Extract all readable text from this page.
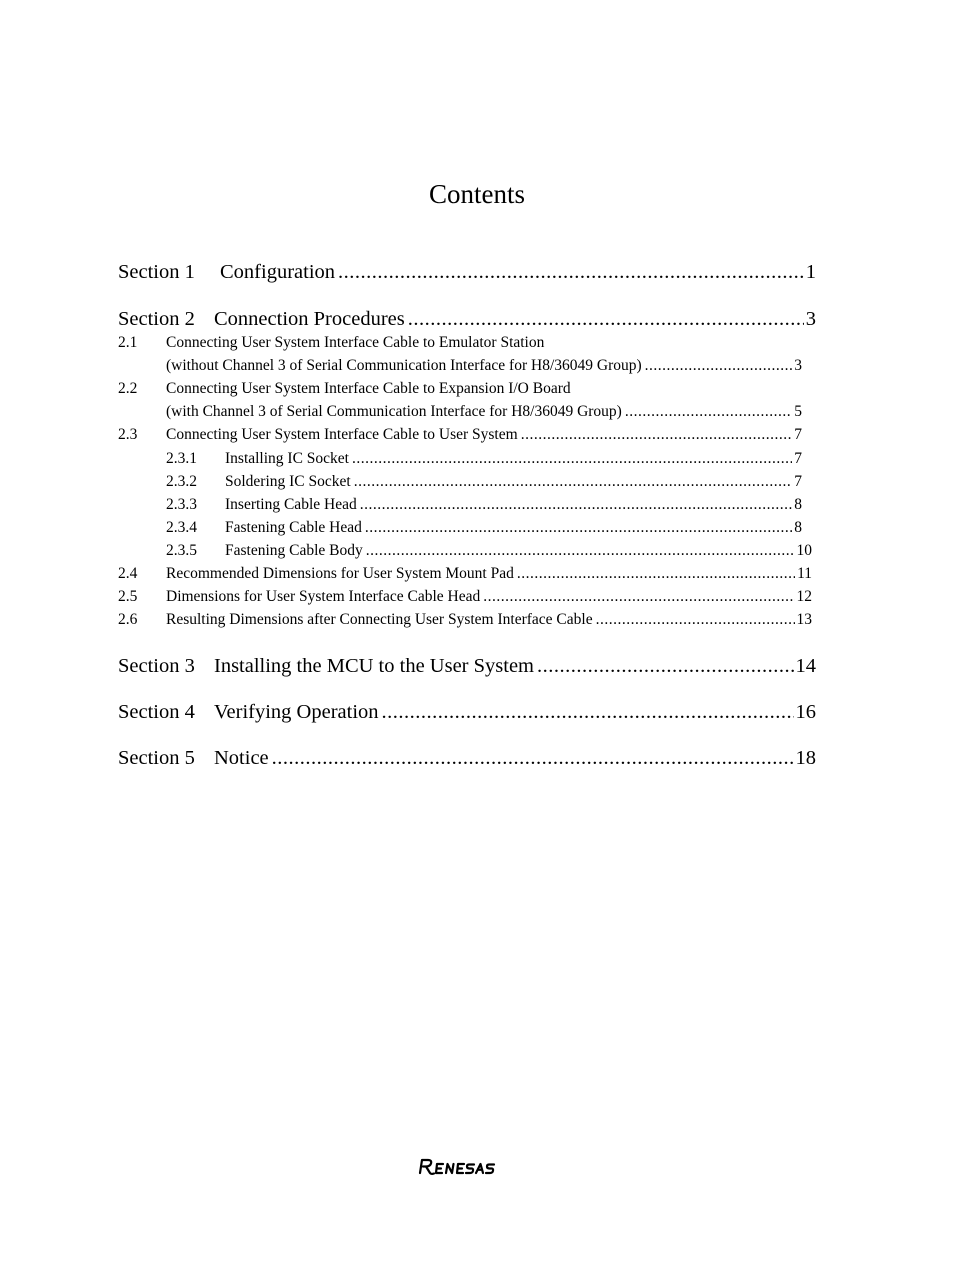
Contents
Section 1	Configuration .....	1
Section 2 Connection Procedures .....	3
2.1 Connecting User System Interface Cable to Emulator Station
(without Channel 3 of Serial Communication Interface for H8/36049 Group) .....	3
2.2 Connecting User System Interface Cable to Expansion I/O Board
(with Channel 3 of Serial Communication Interface for H8/36049 Group) .....	5
2.3	Connecting User System Interface Cable to User System .....	7
2.3.1	Installing IC Socket .....	7
2.3.2	Soldering IC Socket .....	7
2.3.3	Inserting Cable Head .....	8
2.3.4	Fastening Cable Head .....	8
2.3.5	Fastening Cable Body .....	10
2.4	Recommended Dimensions for User System Mount Pad .....	11
2.5	Dimensions for User System Interface Cable Head .....	12
2.6	Resulting Dimensions after Connecting User System Interface Cable .....	13
Section 3 Installing the MCU to the User System .....	14
Section 4 Verifying Operation .....	16
Section 5 Notice .....	18
